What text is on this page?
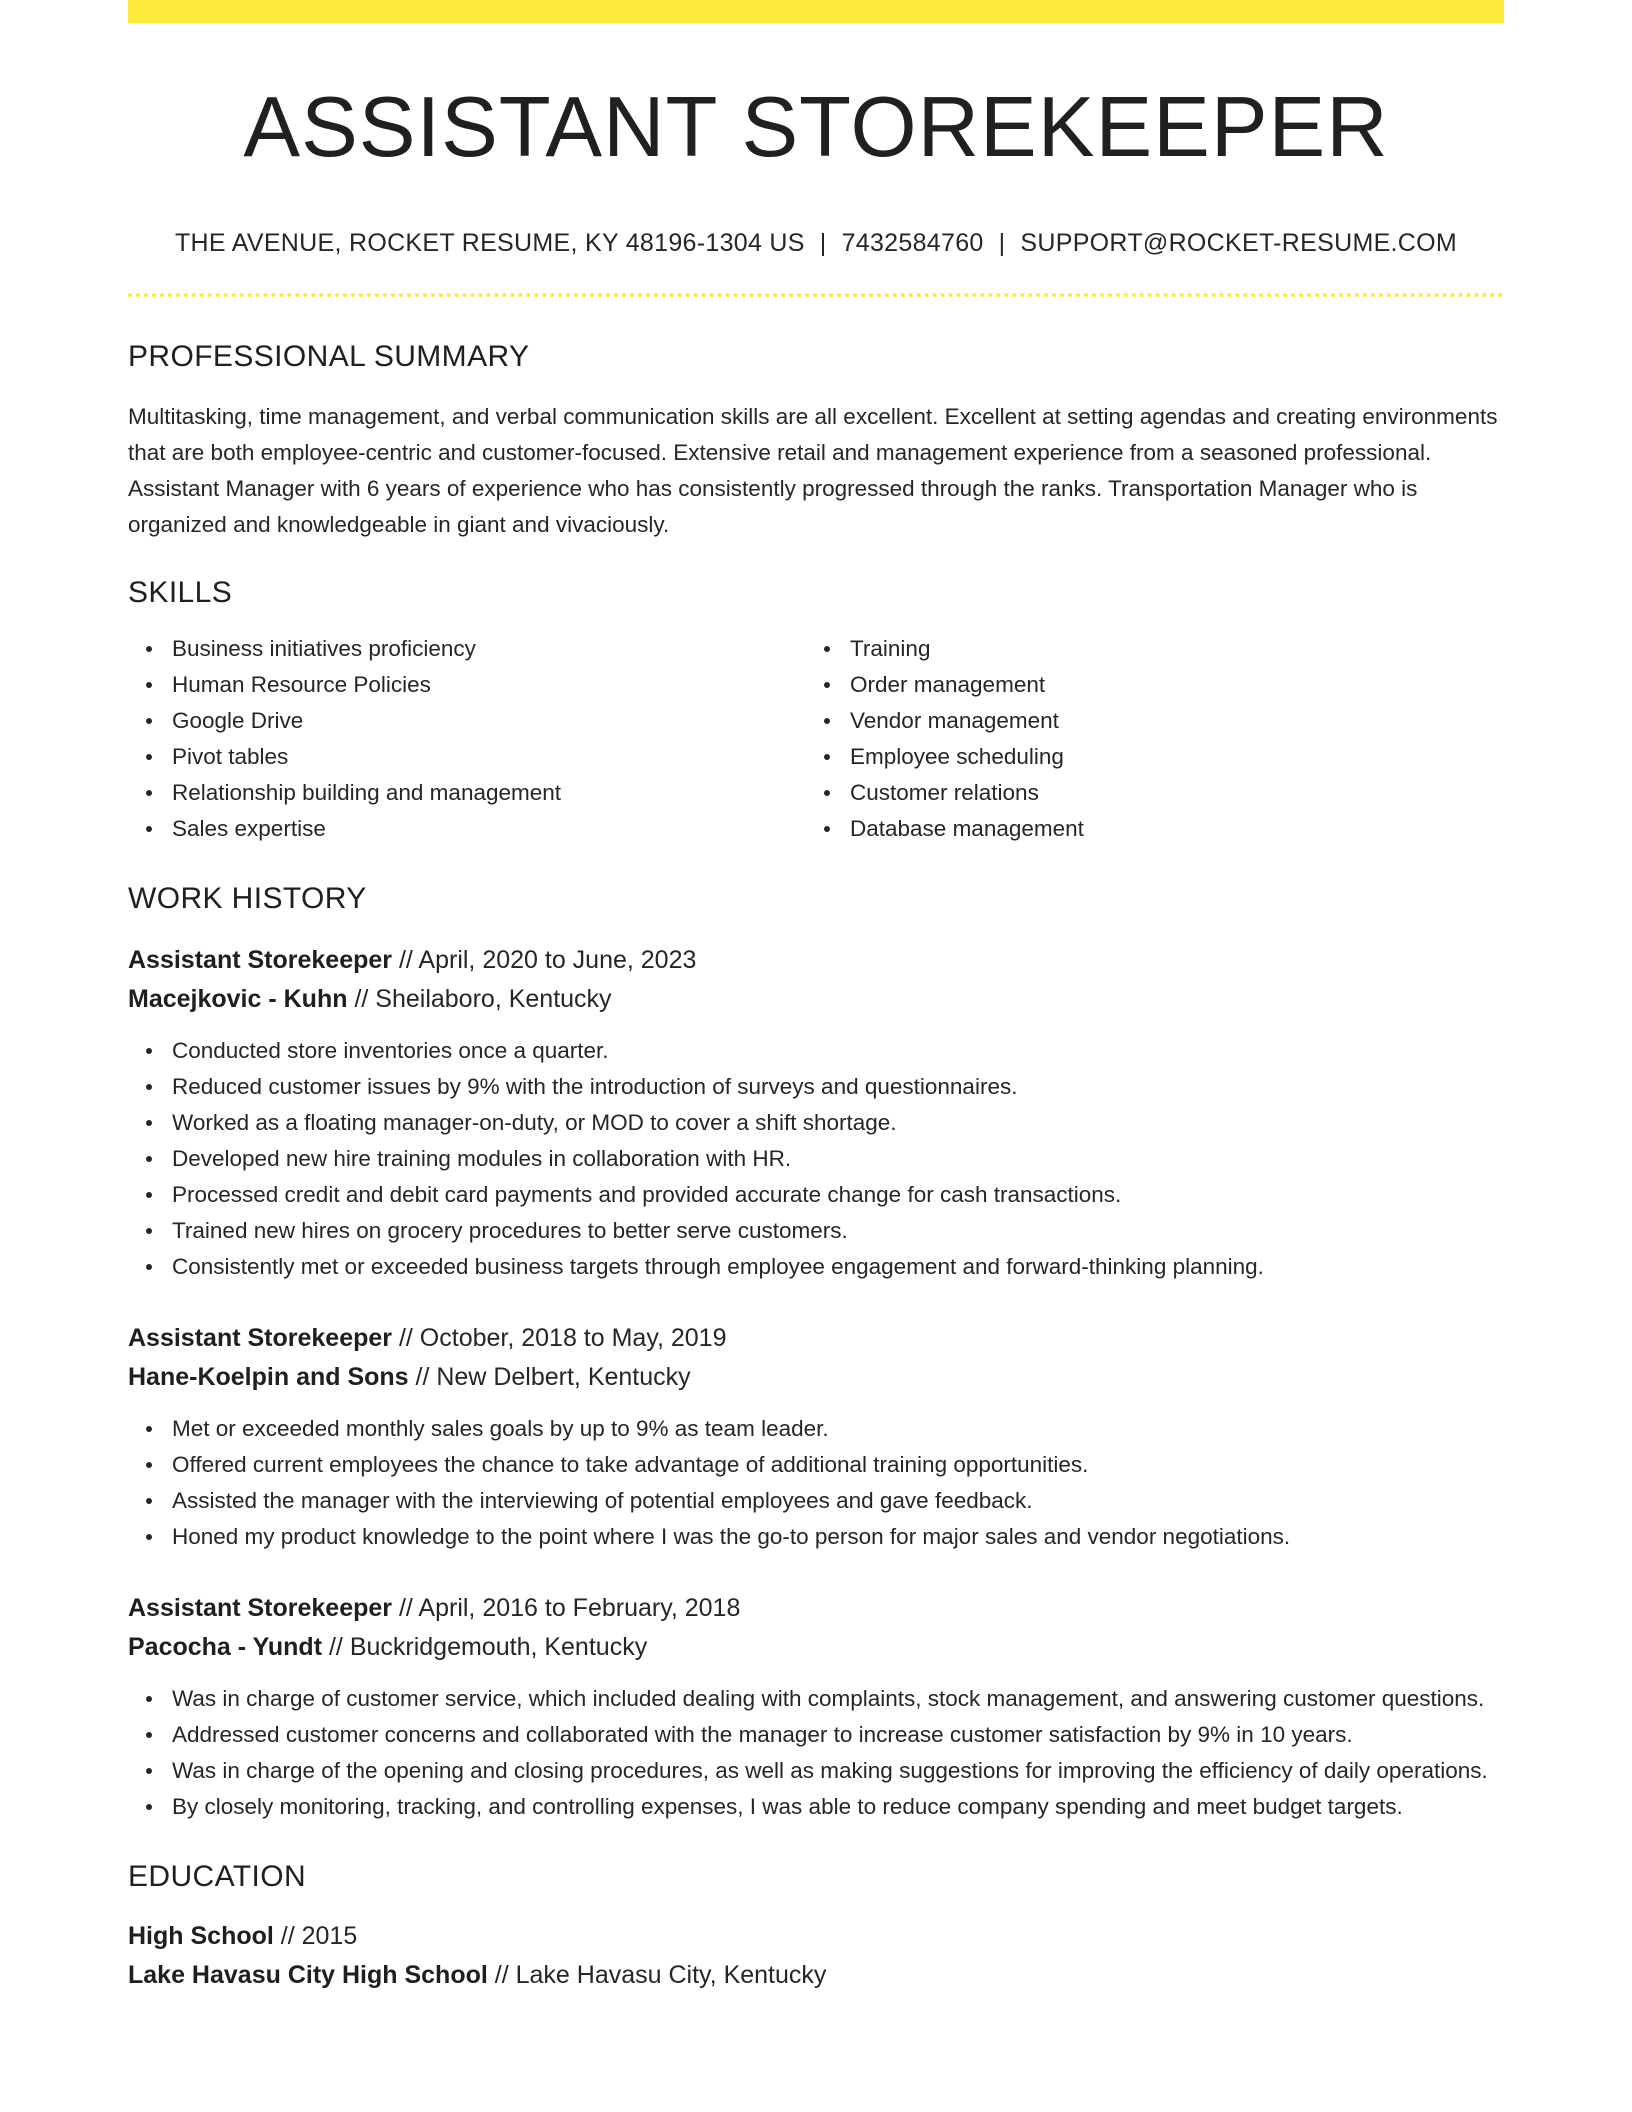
ASSISTANT STOREKEEPER
THE AVENUE, ROCKET RESUME, KY 48196-1304 US | 7432584760 | SUPPORT@ROCKET-RESUME.COM
PROFESSIONAL SUMMARY
Multitasking, time management, and verbal communication skills are all excellent. Excellent at setting agendas and creating environments that are both employee-centric and customer-focused. Extensive retail and management experience from a seasoned professional. Assistant Manager with 6 years of experience who has consistently progressed through the ranks. Transportation Manager who is organized and knowledgeable in giant and vivaciously.
SKILLS
Business initiatives proficiency
Human Resource Policies
Google Drive
Pivot tables
Relationship building and management
Sales expertise
Training
Order management
Vendor management
Employee scheduling
Customer relations
Database management
WORK HISTORY
Assistant Storekeeper // April, 2020 to June, 2023
Macejkovic - Kuhn // Sheilaboro, Kentucky
Conducted store inventories once a quarter.
Reduced customer issues by 9% with the introduction of surveys and questionnaires.
Worked as a floating manager-on-duty, or MOD to cover a shift shortage.
Developed new hire training modules in collaboration with HR.
Processed credit and debit card payments and provided accurate change for cash transactions.
Trained new hires on grocery procedures to better serve customers.
Consistently met or exceeded business targets through employee engagement and forward-thinking planning.
Assistant Storekeeper // October, 2018 to May, 2019
Hane-Koelpin and Sons // New Delbert, Kentucky
Met or exceeded monthly sales goals by up to 9% as team leader.
Offered current employees the chance to take advantage of additional training opportunities.
Assisted the manager with the interviewing of potential employees and gave feedback.
Honed my product knowledge to the point where I was the go-to person for major sales and vendor negotiations.
Assistant Storekeeper // April, 2016 to February, 2018
Pacocha - Yundt // Buckridgemouth, Kentucky
Was in charge of customer service, which included dealing with complaints, stock management, and answering customer questions.
Addressed customer concerns and collaborated with the manager to increase customer satisfaction by 9% in 10 years.
Was in charge of the opening and closing procedures, as well as making suggestions for improving the efficiency of daily operations.
By closely monitoring, tracking, and controlling expenses, I was able to reduce company spending and meet budget targets.
EDUCATION
High School // 2015
Lake Havasu City High School // Lake Havasu City, Kentucky
